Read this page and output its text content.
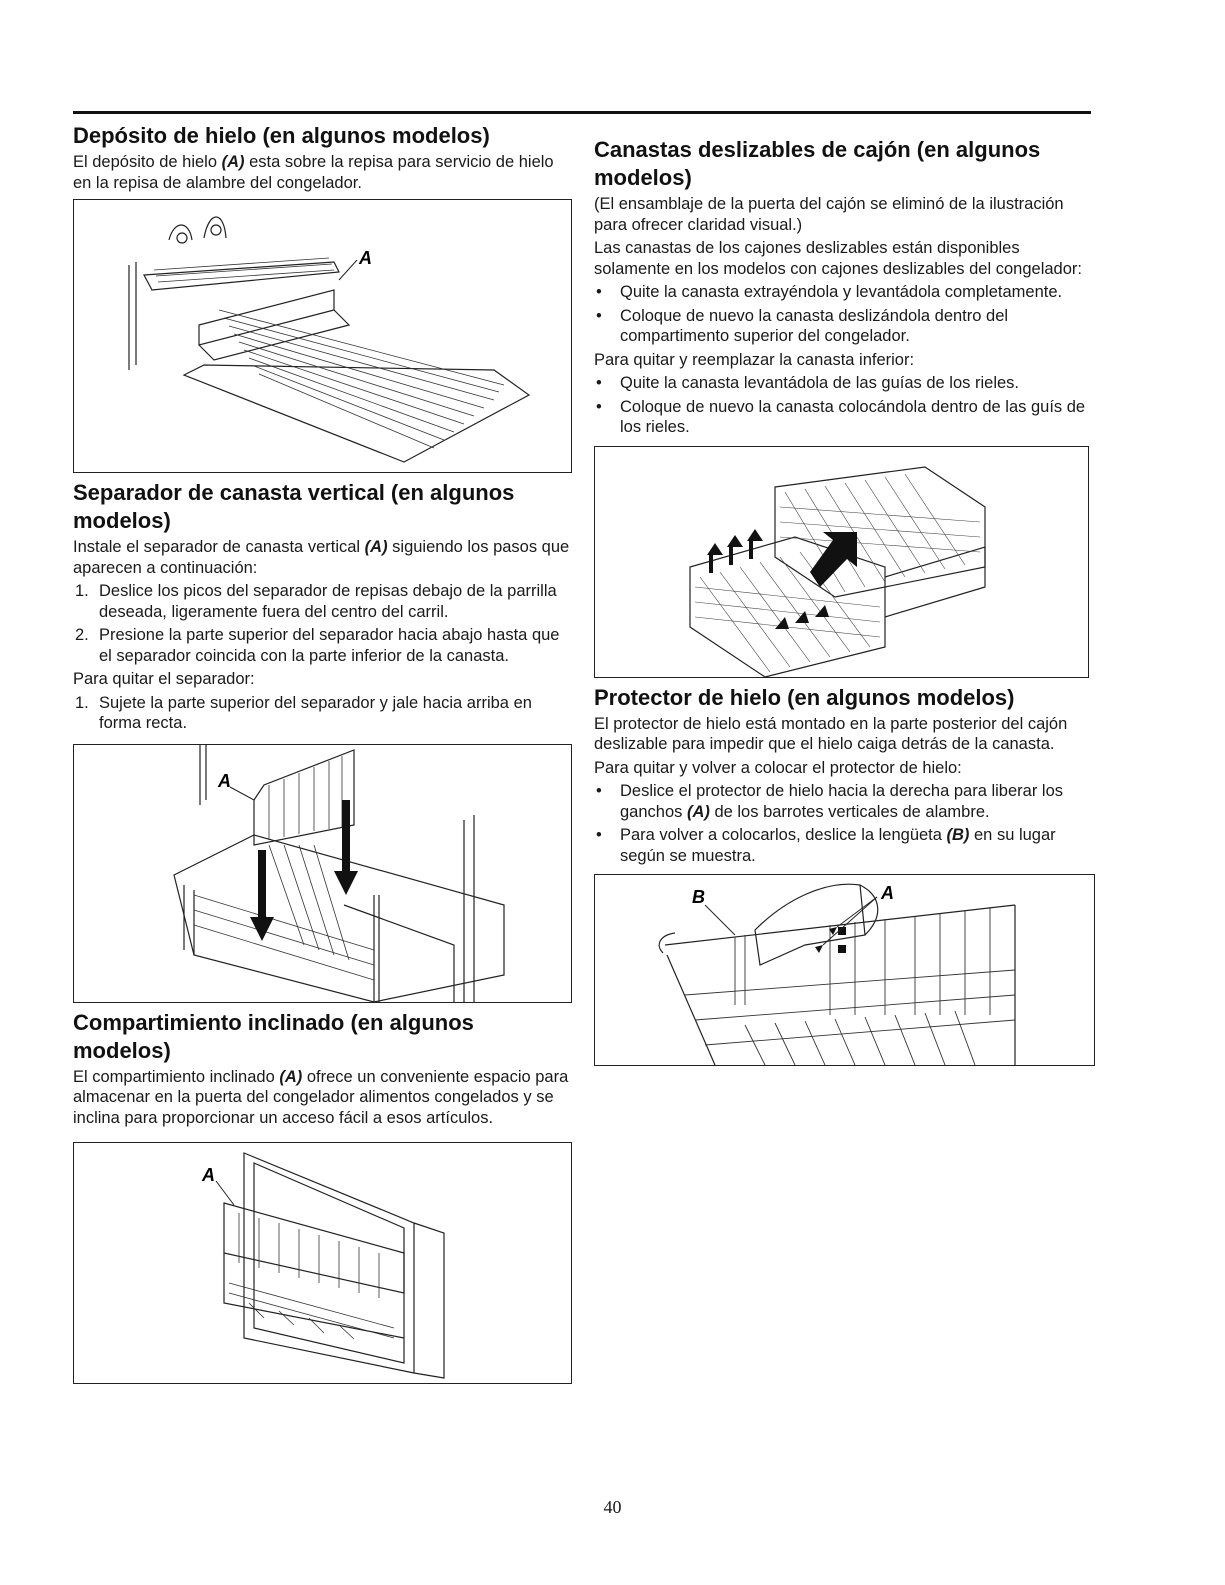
Depósito de hielo (en algunos modelos)

El depósito de hielo (A) esta sobre la repisa para servicio de hielo en la repisa de alambre del congelador.

A
Separador de canasta vertical (en algunos modelos)

Instale el separador de canasta vertical (A) siguiendo los pasos que aparecen a continuación:

1. Deslice los picos del separador de repisas debajo de la parrilla deseada, ligeramente fuera del centro del carril.
2. Presione la parte superior del separador hacia abajo hasta que el separador coincida con la parte inferior de la canasta.

Para quitar el separador:

1. Sujete la parte superior del separador y jale hacia arriba en forma recta.
A
Compartimiento inclinado (en algunos modelos)

El compartimiento inclinado (A) ofrece un conveniente espacio para almacenar en la puerta del congelador alimentos congelados y se inclina para proporcionar un acceso fácil a esos artículos.

A
Canastas deslizables de cajón (en algunos modelos)

(El ensamblaje de la puerta del cajón se eliminó de la ilustración para ofrecer claridad visual.)

Las canastas de los cajones deslizables están disponibles solamente en los modelos con cajones deslizables del congelador:

• Quite la canasta extrayéndola y levantádola completamente.
• Coloque de nuevo la canasta deslizándola dentro del compartimento superior del congelador.

Para quitar y reemplazar la canasta inferior:

• Quite la canasta levantádola de las guías de los rieles.
• Coloque de nuevo la canasta colocándola dentro de las guís de los rieles.
Protector de hielo (en algunos modelos)

El protector de hielo está montado en la parte posterior del cajón deslizable para impedir que el hielo caiga detrás de la canasta.

Para quitar y volver a colocar el protector de hielo:

• Deslice el protector de hielo hacia la derecha para liberar los ganchos (A) de los barrotes verticales de alambre.
• Para volver a colocarlos, deslice la lengüeta (B) en su lugar según se muestra.
B	A
40
